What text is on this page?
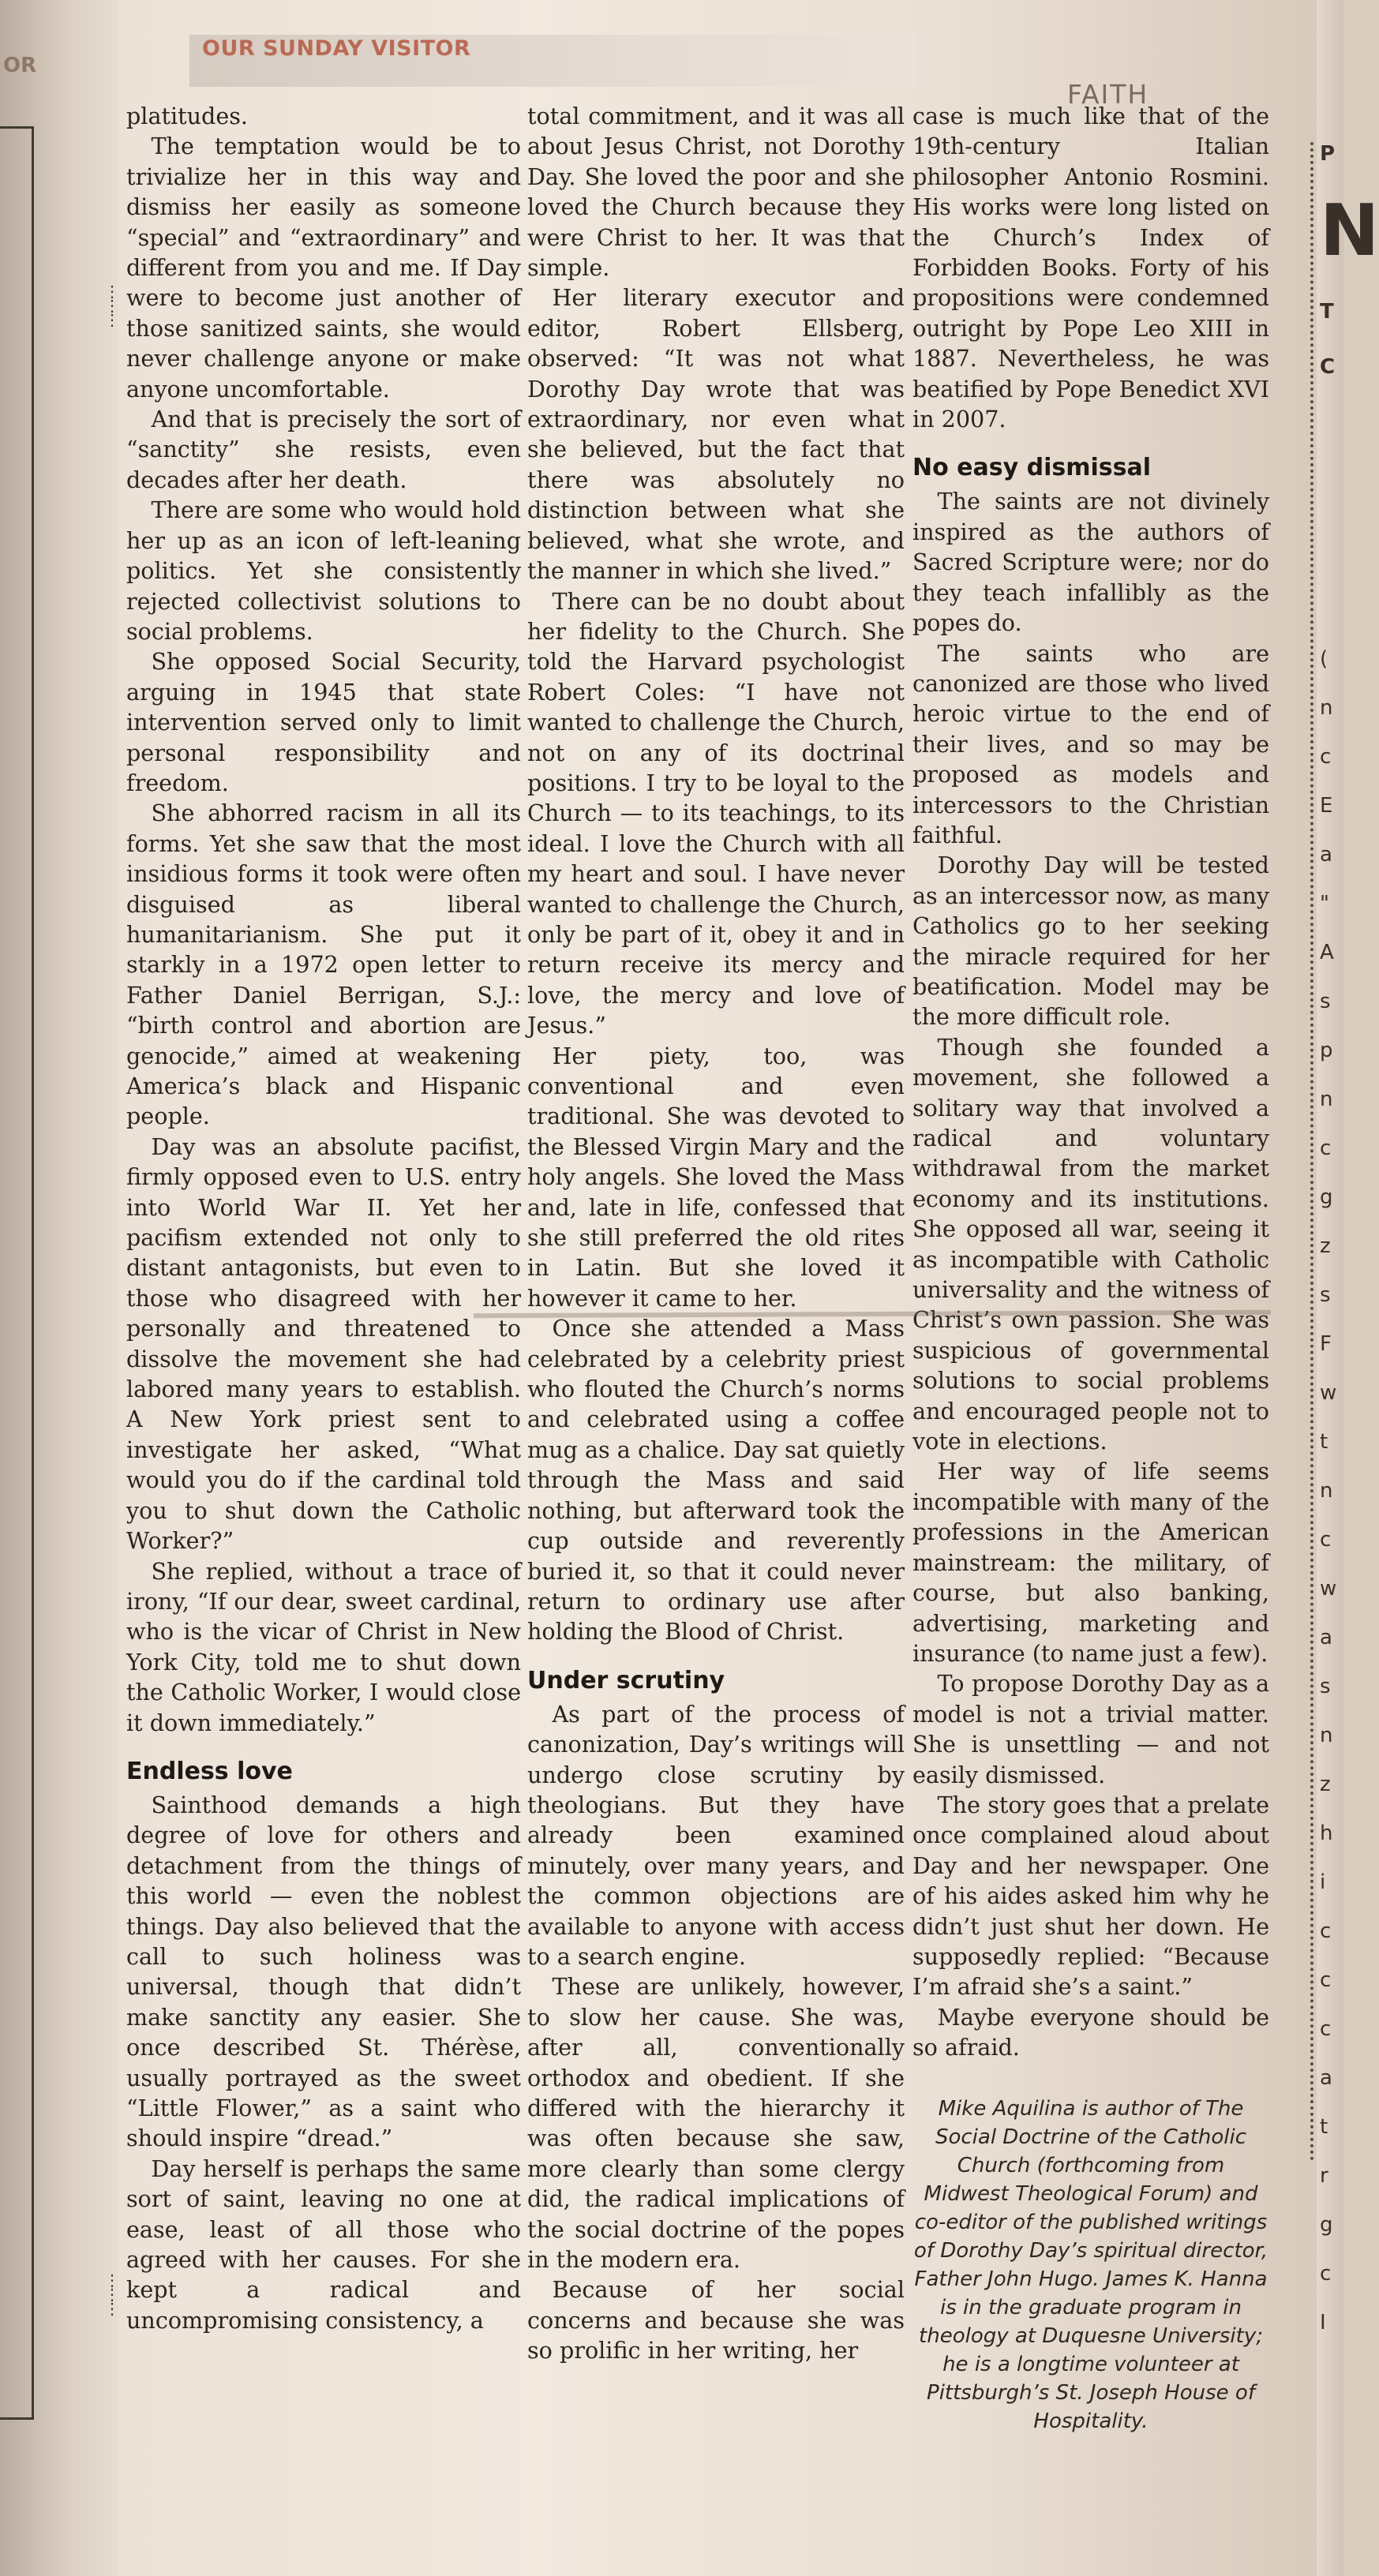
OR
⋮
⋮
⋮
⋮
⋮
⋮
OUR SUNDAY VISITOR
FAITH

platitudes.

The temptation would be to trivialize her in this way and dismiss her easily as someone “special” and “extraordinary” and different from you and me. If Day were to become just another of those sanitized saints, she would never challenge anyone or make anyone uncomfortable.

And that is precisely the sort of “sanctity” she resists, even decades after her death.

There are some who would hold her up as an icon of left-leaning politics. Yet she consistently rejected collectivist solutions to social problems.

She opposed Social Security, arguing in 1945 that state intervention served only to limit personal responsibility and freedom.

She abhorred racism in all its forms. Yet she saw that the most insidious forms it took were often disguised as liberal humanitarianism. She put it starkly in a 1972 open letter to Father Daniel Berrigan, S.J.: “birth control and abortion are genocide,” aimed at weakening America’s black and Hispanic people.

Day was an absolute pacifist, firmly opposed even to U.S. entry into World War II. Yet her pacifism extended not only to distant antagonists, but even to those who disagreed with her personally and threatened to dissolve the movement she had labored many years to establish. A New York priest sent to investigate her asked, “What would you do if the cardinal told you to shut down the Catholic Worker?”

She replied, without a trace of irony, “If our dear, sweet cardinal, who is the vicar of Christ in New York City, told me to shut down the Catholic Worker, I would close it down immediately.”

Endless love

Sainthood demands a high degree of love for others and detachment from the things of this world — even the noblest things. Day also believed that the call to such holiness was universal, though that didn’t make sanctity any easier. She once described St. Thérèse, usually portrayed as the sweet “Little Flower,” as a saint who should inspire “dread.”

Day herself is perhaps the same sort of saint, leaving no one at ease, least of all those who agreed with her causes. For she kept a radical and uncompromising consistency, a

total commitment, and it was all about Jesus Christ, not Dorothy Day. She loved the poor and she loved the Church because they were Christ to her. It was that simple.

Her literary executor and editor, Robert Ellsberg, observed: “It was not what Dorothy Day wrote that was extraordinary, nor even what she believed, but the fact that there was absolutely no distinction between what she believed, what she wrote, and the manner in which she lived.”

There can be no doubt about her fidelity to the Church. She told the Harvard psychologist Robert Coles: “I have not wanted to challenge the Church, not on any of its doctrinal positions. I try to be loyal to the Church — to its teachings, to its ideal. I love the Church with all my heart and soul. I have never wanted to challenge the Church, only be part of it, obey it and in return receive its mercy and love, the mercy and love of Jesus.”

Her piety, too, was conventional and even traditional. She was devoted to the Blessed Virgin Mary and the holy angels. She loved the Mass and, late in life, confessed that she still preferred the old rites in Latin. But she loved it however it came to her.

Once she attended a Mass celebrated by a celebrity priest who flouted the Church’s norms and celebrated using a coffee mug as a chalice. Day sat quietly through the Mass and said nothing, but afterward took the cup outside and reverently buried it, so that it could never return to ordinary use after holding the Blood of Christ.

Under scrutiny

As part of the process of canonization, Day’s writings will undergo close scrutiny by theologians. But they have already been examined minutely, over many years, and the common objections are available to anyone with access to a search engine.

These are unlikely, however, to slow her cause. She was, after all, conventionally orthodox and obedient. If she differed with the hierarchy it was often because she saw, more clearly than some clergy did, the radical implications of the social doctrine of the popes in the modern era.

Because of her social concerns and because she was so prolific in her writing, her

case is much like that of the 19th-century Italian philosopher Antonio Rosmini. His works were long listed on the Church’s Index of Forbidden Books. Forty of his propositions were condemned outright by Pope Leo XIII in 1887. Nevertheless, he was beatified by Pope Benedict XVI in 2007.

No easy dismissal

The saints are not divinely inspired as the authors of Sacred Scripture were; nor do they teach infallibly as the popes do.

The saints who are canonized are those who lived heroic virtue to the end of their lives, and so may be proposed as models and intercessors to the Christian faithful.

Dorothy Day will be tested as an intercessor now, as many Catholics go to her seeking the miracle required for her beatification. Model may be the more difficult role.

Though she founded a movement, she followed a solitary way that involved a radical and voluntary withdrawal from the market economy and its institutions. She opposed all war, seeing it as incompatible with Catholic universality and the witness of Christ’s own passion. She was suspicious of governmental solutions to social problems and encouraged people not to vote in elections.

Her way of life seems incompatible with many of the professions in the American mainstream: the military, of course, but also banking, advertising, marketing and insurance (to name just a few).

To propose Dorothy Day as a model is not a trivial matter. She is unsettling — and not easily dismissed.

The story goes that a prelate once complained aloud about Day and her newspaper. One of his aides asked him why he didn’t just shut her down. He supposedly replied: “Because I’m afraid she’s a saint.”

Maybe everyone should be so afraid.

Mike Aquilina is author of The Social Doctrine of the Catholic Church (forthcoming from Midwest Theological Forum) and co-editor of the published writings of Dorothy Day’s spiritual director, Father John Hugo. James K. Hanna is in the graduate program in theology at Duquesne University; he is a longtime volunteer at Pittsburgh’s St. Joseph House of Hospitality.
P
N
T
C
(
n
c
E
a
"
A
s
p
n
c
g
z
s
F
w
t
n
c
w
a
s
n
z
h
i
c
c
c
a
t
r
g
c
I
